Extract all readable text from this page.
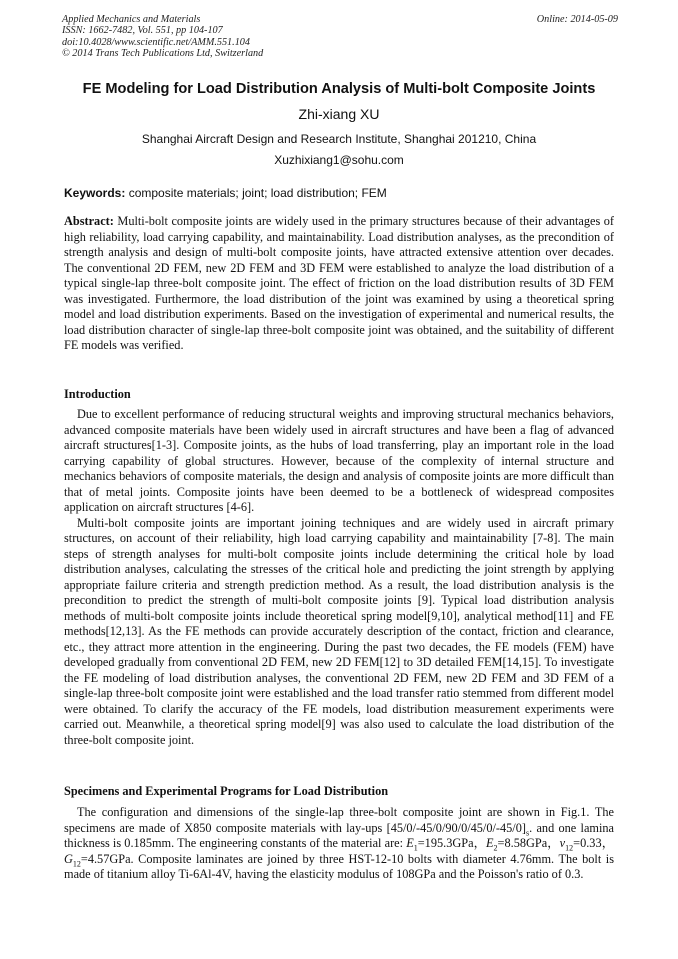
Applied Mechanics and Materials
ISSN: 1662-7482, Vol. 551, pp 104-107
doi:10.4028/www.scientific.net/AMM.551.104
© 2014 Trans Tech Publications Ltd, Switzerland
Online: 2014-05-09
FE Modeling for Load Distribution Analysis of Multi-bolt Composite Joints
Zhi-xiang XU
Shanghai Aircraft Design and Research Institute, Shanghai 201210, China
Xuzhixiang1@sohu.com
Keywords: composite materials; joint; load distribution; FEM

Abstract: Multi-bolt composite joints are widely used in the primary structures because of their advantages of high reliability, load carrying capability, and maintainability. Load distribution analyses, as the precondition of strength analysis and design of multi-bolt composite joints, have attracted extensive attention over decades. The conventional 2D FEM, new 2D FEM and 3D FEM were established to analyze the load distribution of a typical single-lap three-bolt composite joint. The effect of friction on the load distribution results of 3D FEM was investigated. Furthermore, the load distribution of the joint was examined by using a theoretical spring model and load distribution experiments. Based on the investigation of experimental and numerical results, the load distribution character of single-lap three-bolt composite joint was obtained, and the suitability of different FE models was verified.

Introduction

Due to excellent performance of reducing structural weights and improving structural mechanics behaviors, advanced composite materials have been widely used in aircraft structures and have been a flag of advanced aircraft structures[1-3]. Composite joints, as the hubs of load transferring, play an important role in the load carrying capability of global structures. However, because of the complexity of internal structure and mechanics behaviors of composite materials, the design and analysis of composite joints are more difficult than that of metal joints. Composite joints have been deemed to be a bottleneck of widespread composites application on aircraft structures [4-6].

Multi-bolt composite joints are important joining techniques and are widely used in aircraft primary structures, on account of their reliability, high load carrying capability and maintainability [7-8]. The main steps of strength analyses for multi-bolt composite joints include determining the critical hole by load distribution analyses, calculating the stresses of the critical hole and predicting the joint strength by applying appropriate failure criteria and strength prediction method. As a result, the load distribution analysis is the precondition to predict the strength of multi-bolt composite joints [9]. Typical load distribution analysis methods of multi-bolt composite joints include theoretical spring model[9,10], analytical method[11] and FE methods[12,13]. As the FE methods can provide accurately description of the contact, friction and clearance, etc., they attract more attention in the engineering. During the past two decades, the FE models (FEM) have developed gradually from conventional 2D FEM, new 2D FEM[12] to 3D detailed FEM[14,15]. To investigate the FE modeling of load distribution analyses, the conventional 2D FEM, new 2D FEM and 3D FEM of a single-lap three-bolt composite joint were established and the load transfer ratio stemmed from different model were obtained. To clarify the accuracy of the FE models, load distribution measurement experiments were carried out. Meanwhile, a theoretical spring model[9] was also used to calculate the load distribution of the three-bolt composite joint.

Specimens and Experimental Programs for Load Distribution

The configuration and dimensions of the single-lap three-bolt composite joint are shown in Fig.1. The specimens are made of X850 composite materials with lay-ups $[45/0/-45/0/90/0/45/0/-45/0]_s$. and one lamina thickness is 0.185mm. The engineering constants of the material are: $E_1=195.3GPa$，$E_2=8.58GPa$，$v_{12}=0.33$，$G_{12}=4.57GPa$. Composite laminates are joined by three HST-12-10 bolts with diameter 4.76mm. The bolt is made of titanium alloy Ti-6Al-4V, having the elasticity modulus of 108GPa and the Poisson's ratio of 0.3.
